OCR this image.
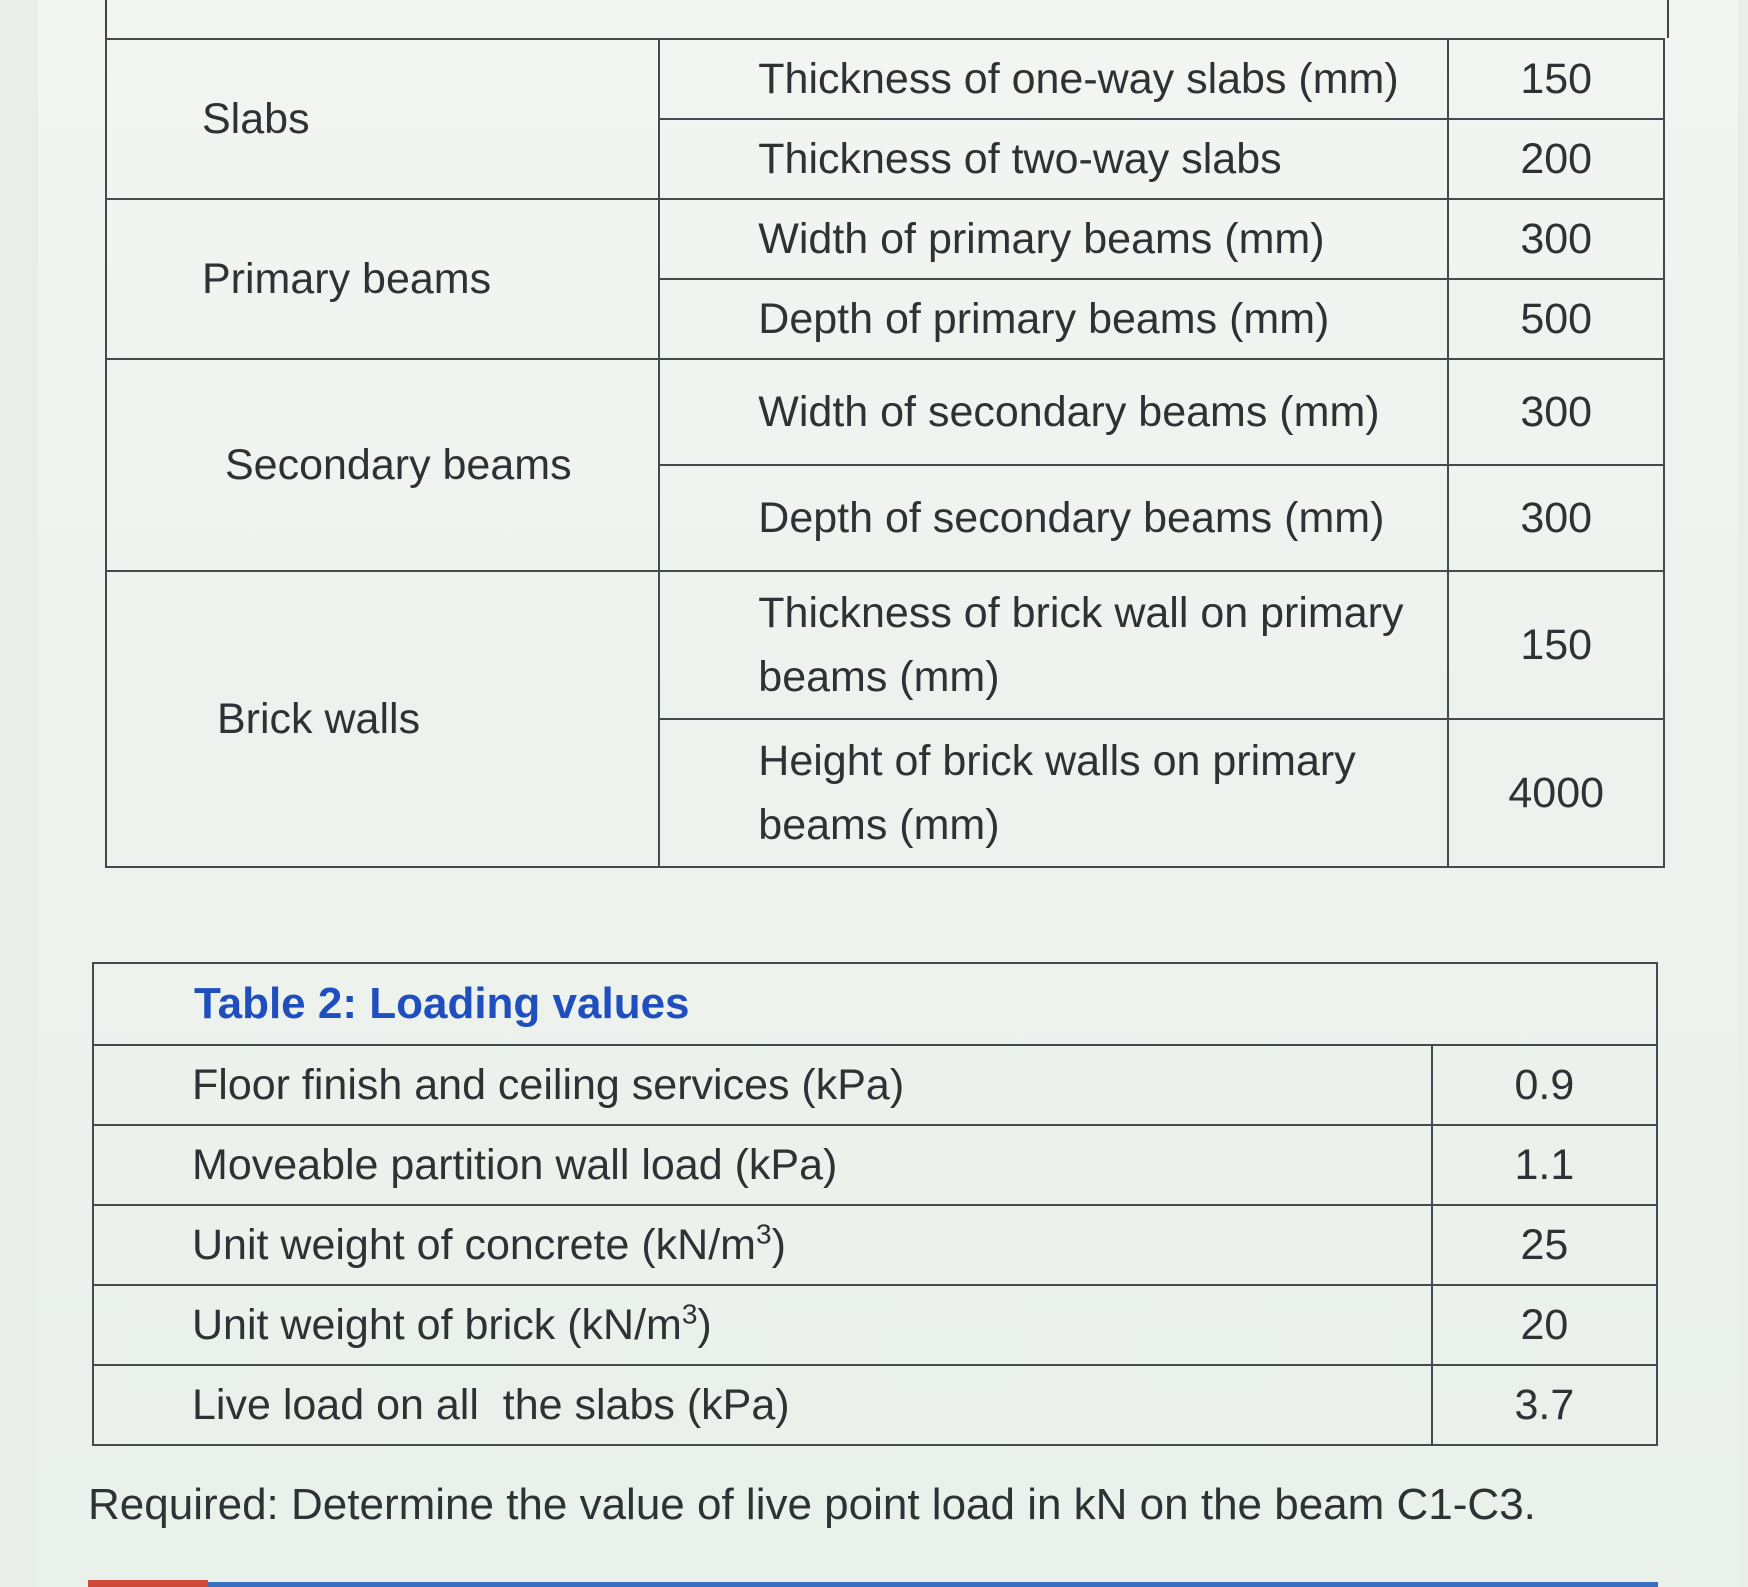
Slabs	Thickness of one-way slabs (mm)	150
	Thickness of two-way slabs	200
Primary beams	Width of primary beams (mm)	300
	Depth of primary beams (mm)	500
Secondary beams	Width of secondary beams (mm)	300
	Depth of secondary beams (mm)	300
Brick walls	Thickness of brick wall on primary beams (mm)	150
	Height of brick walls on primary beams (mm)	4000
Table 2: Loading values	
Floor finish and ceiling services (kPa)	0.9
Moveable partition wall load (kPa)	1.1
Unit weight of concrete $(kN/m^3)$	25
Unit weight of brick $(kN/m^3)$	20
Live load on all  the slabs (kPa)	3.7
Required: Determine the value of live point load in kN on the beam C1-C3.
